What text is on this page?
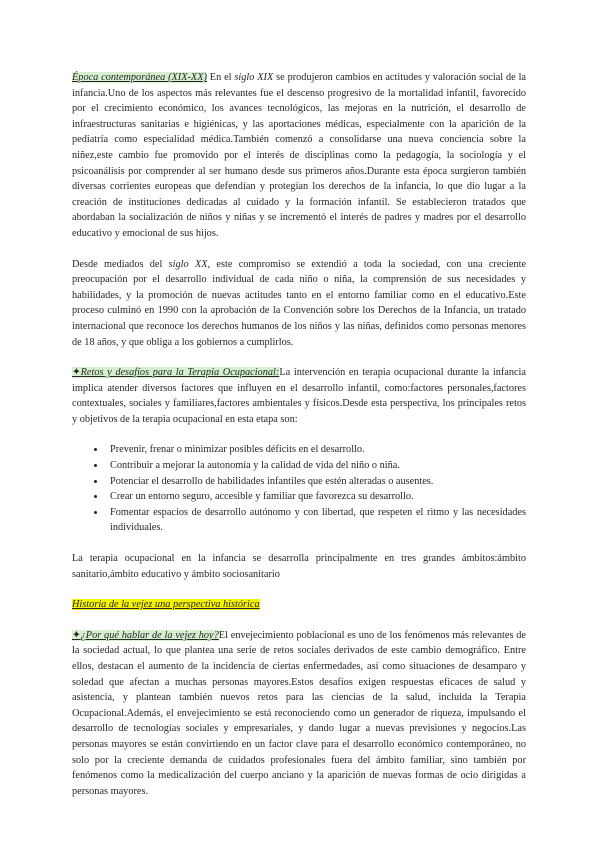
Época contemporánea (XIX-XX) En el siglo XIX se produjeron cambios en actitudes y valoración social de la infancia.Uno de los aspectos más relevantes fue el descenso progresivo de la mortalidad infantil, favorecido por el crecimiento económico, los avances tecnológicos, las mejoras en la nutrición, el desarrollo de infraestructuras sanitarias e higiénicas, y las aportaciones médicas, especialmente con la aparición de la pediatría como especialidad médica.También comenzó a consolidarse una nueva conciencia sobre la niñez,este cambio fue promovido por el interés de disciplinas como la pedagogía, la sociología y el psicoanálisis por comprender al ser humano desde sus primeros años.Durante esta época surgieron también diversas corrientes europeas que defendían y protegían los derechos de la infancia, lo que dio lugar a la creación de instituciones dedicadas al cuidado y la formación infantil. Se establecieron tratados que abordaban la socialización de niños y niñas y se incrementó el interés de padres y madres por el desarrollo educativo y emocional de sus hijos.

Desde mediados del siglo XX, este compromiso se extendió a toda la sociedad, con una creciente preocupación por el desarrollo individual de cada niño o niña, la comprensión de sus necesidades y habilidades, y la promoción de nuevas actitudes tanto en el entorno familiar como en el educativo.Este proceso culminó en 1990 con la aprobación de la Convención sobre los Derechos de la Infancia, un tratado internacional que reconoce los derechos humanos de los niños y las niñas, definidos como personas menores de 18 años, y que obliga a los gobiernos a cumplirlos.

✦Retos y desafíos para la Terapia Ocupacional:La intervención en terapia ocupacional durante la infancia implica atender diversos factores que influyen en el desarrollo infantil, como:factores personales,factores contextuales, sociales y familiares,factores ambientales y físicos.Desde esta perspectiva, los principales retos y objetivos de la terapia ocupacional en esta etapa son:

• Prevenir, frenar o minimizar posibles déficits en el desarrollo.
• Contribuir a mejorar la autonomía y la calidad de vida del niño o niña.
• Potenciar el desarrollo de habilidades infantiles que estén alteradas o ausentes.
• Crear un entorno seguro, accesible y familiar que favorezca su desarrollo.
• Fomentar espacios de desarrollo autónomo y con libertad, que respeten el ritmo y las necesidades individuales.

La terapia ocupacional en la infancia se desarrolla principalmente en tres grandes ámbitos:ámbito sanitario,ámbito educativo y ámbito sociosanitario

Historia de la vejez una perspectiva histórica

✦¿Por qué hablar de la vejez hoy?El envejecimiento poblacional es uno de los fenómenos más relevantes de la sociedad actual, lo que plantea una serie de retos sociales derivados de este cambio demográfico. Entre ellos, destacan el aumento de la incidencia de ciertas enfermedades, así como situaciones de desamparo y soledad que afectan a muchas personas mayores.Estos desafíos exigen respuestas eficaces de salud y asistencia, y plantean también nuevos retos para las ciencias de la salud, incluida la Terapia Ocupacional.Además, el envejecimiento se está reconociendo como un generador de riqueza, impulsando el desarrollo de tecnologías sociales y empresariales, y dando lugar a nuevas previsiones y negocios.Las personas mayores se están convirtiendo en un factor clave para el desarrollo económico contemporáneo, no solo por la creciente demanda de cuidados profesionales fuera del ámbito familiar, sino también por fenómenos como la medicalización del cuerpo anciano y la aparición de nuevas formas de ocio dirigidas a personas mayores.
